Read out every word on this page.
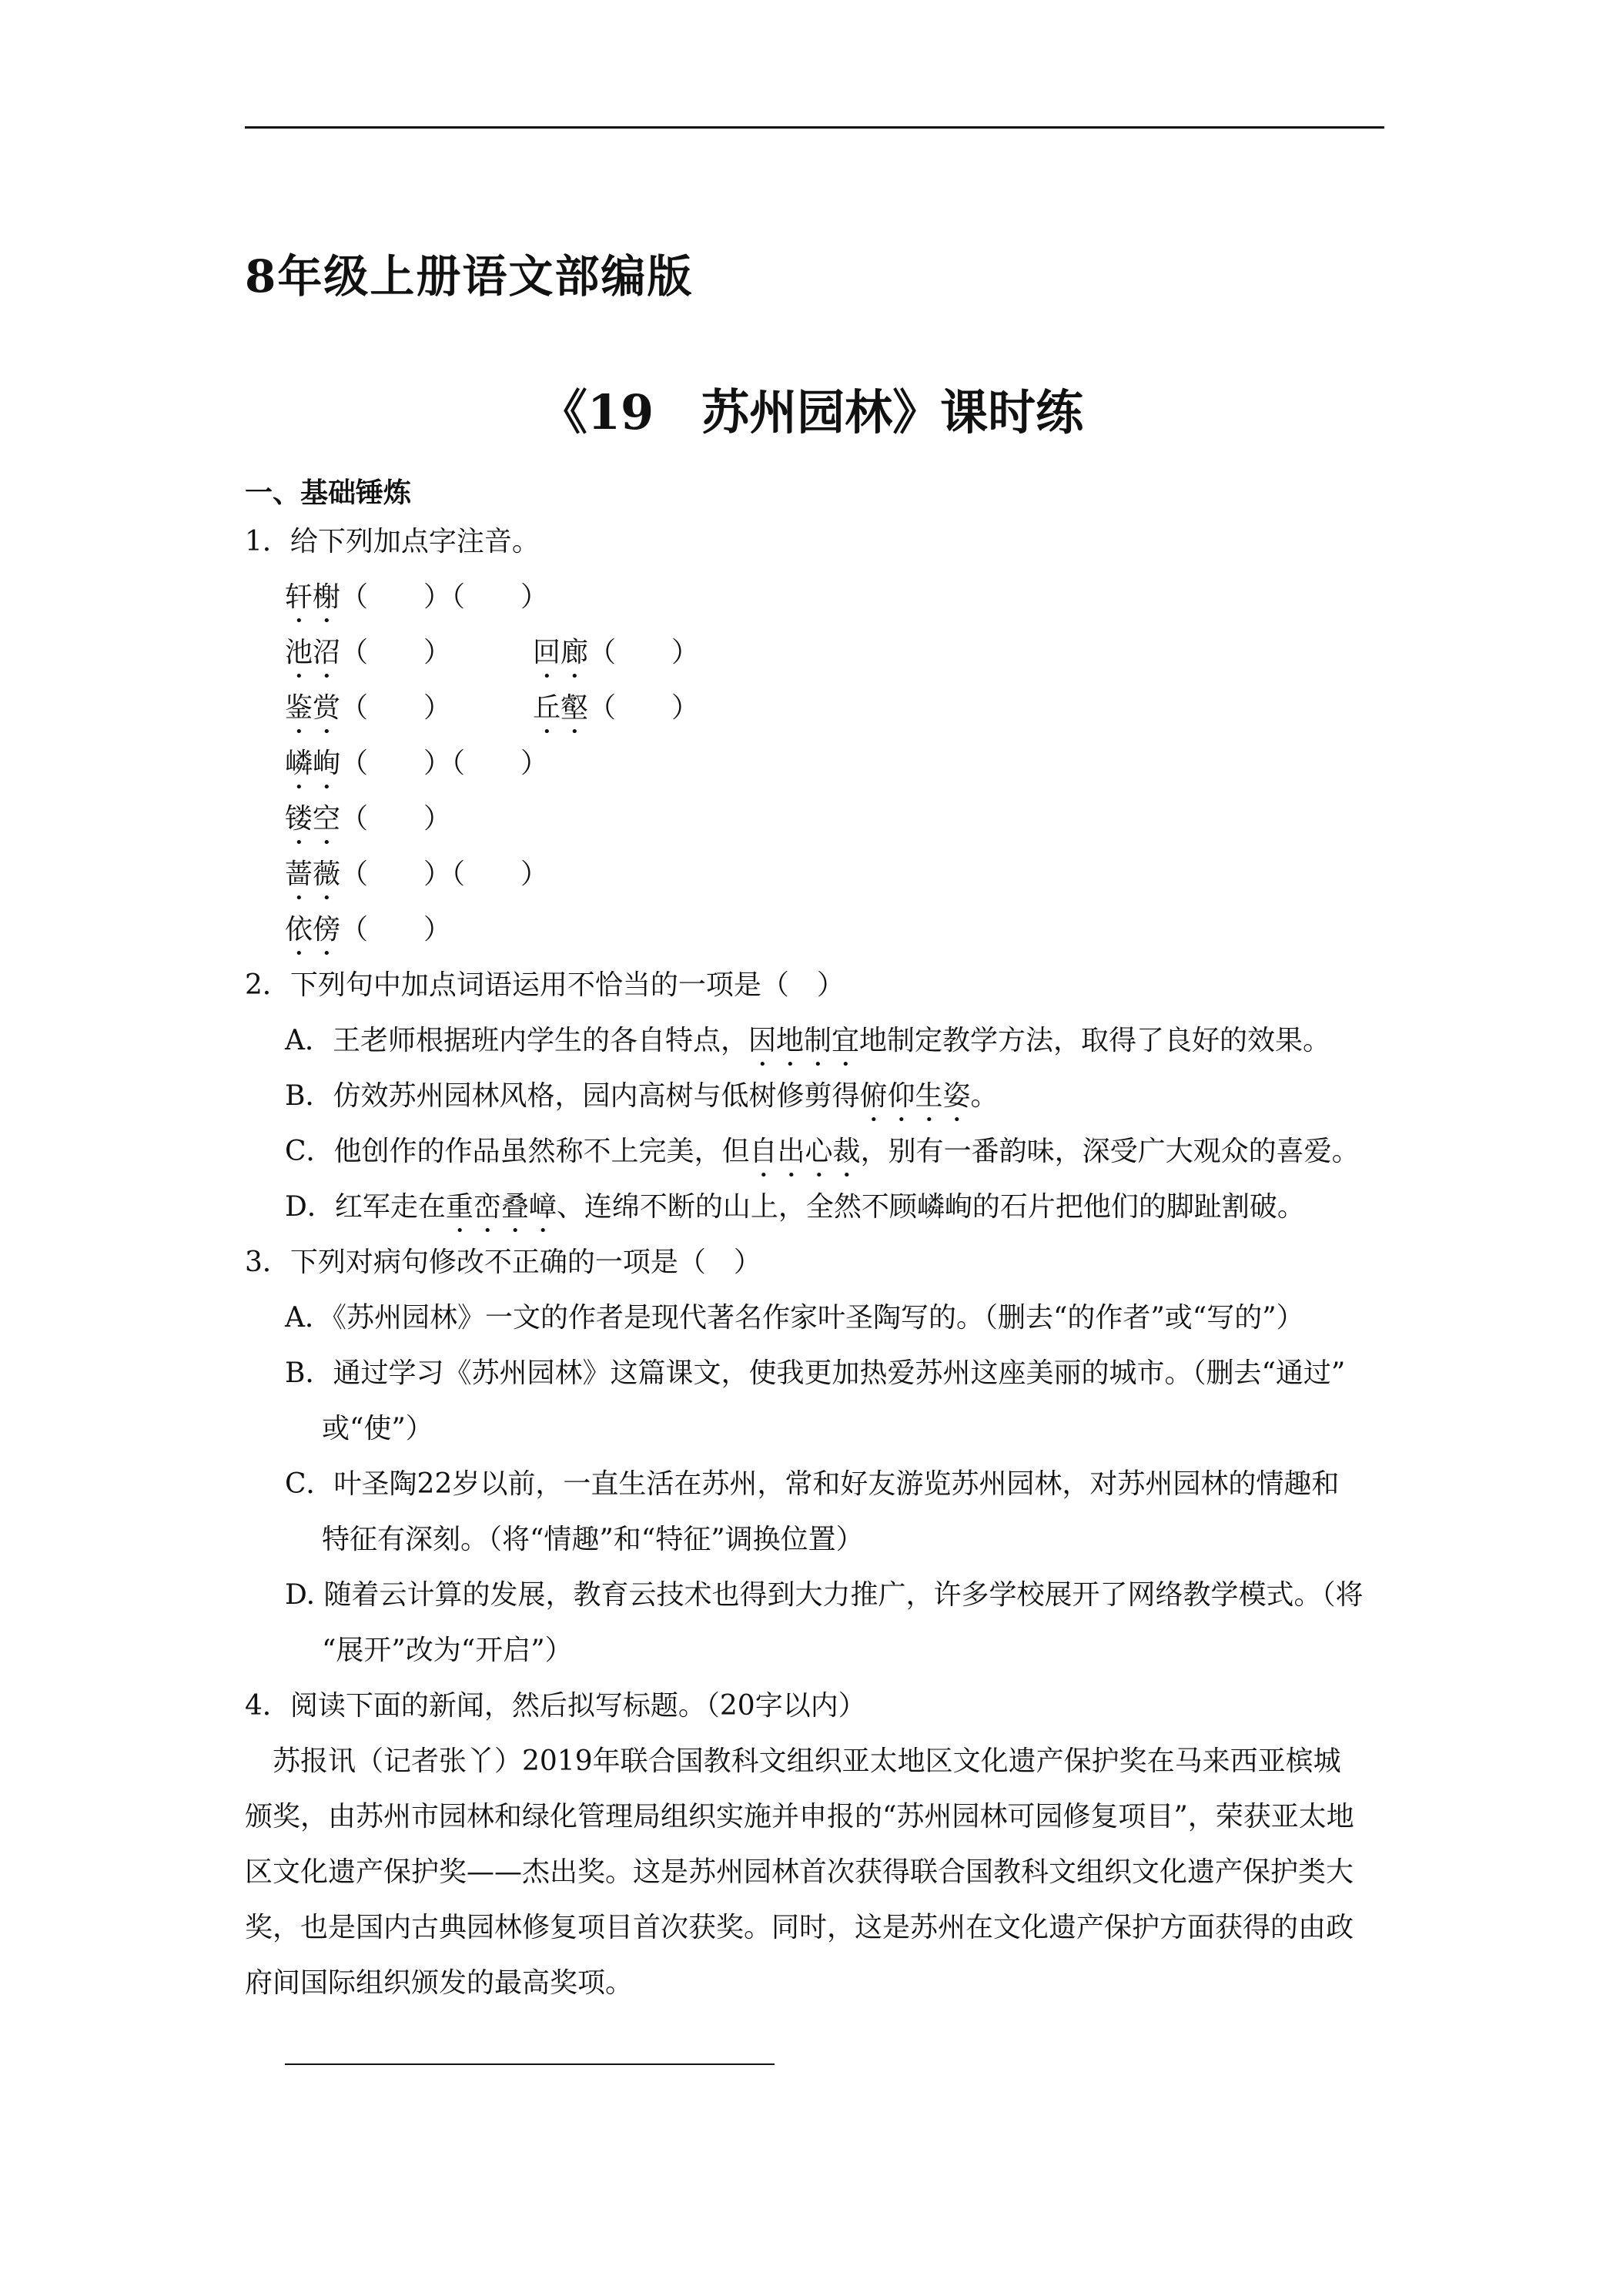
8年级上册语文部编版
《19　苏州园林》课时练
一、基础锤炼
1．给下列加点字注音。
轩榭（　　）（　　）
池沼（　　）	回廊（　　）
鉴赏（　　）	丘壑（　　）
嶙峋（　　）（　　）
镂空（　　）
蔷薇（　　）（　　）
依傍（　　）
2．下列句中加点词语运用不恰当的一项是（　）
A．王老师根据班内学生的各自特点，因地制宜地制定教学方法，取得了良好的效果。
B．仿效苏州园林风格，园内高树与低树修剪得俯仰生姿。
C．他创作的作品虽然称不上完美，但自出心裁，别有一番韵味，深受广大观众的喜爱。
D．红军走在重峦叠嶂、连绵不断的山上，全然不顾嶙峋的石片把他们的脚趾割破。
3．下列对病句修改不正确的一项是（　）
A．《苏州园林》一文的作者是现代著名作家叶圣陶写的。（删去“的作者”或“写的”）
B．通过学习《苏州园林》这篇课文，使我更加热爱苏州这座美丽的城市。（删去“通过”
或“使”）
C．叶圣陶22岁以前，一直生活在苏州，常和好友游览苏州园林，对苏州园林的情趣和
特征有深刻。（将“情趣”和“特征”调换位置）
D. 随着云计算的发展，教育云技术也得到大力推广，许多学校展开了网络教学模式。（将
“展开”改为“开启”）
4．阅读下面的新闻，然后拟写标题。（20字以内）
　苏报讯（记者张丫）2019年联合国教科文组织亚太地区文化遗产保护奖在马来西亚槟城
颁奖，由苏州市园林和绿化管理局组织实施并申报的“苏州园林可园修复项目”，荣获亚太地
区文化遗产保护奖——杰出奖。这是苏州园林首次获得联合国教科文组织文化遗产保护类大
奖，也是国内古典园林修复项目首次获奖。同时，这是苏州在文化遗产保护方面获得的由政
府间国际组织颁发的最高奖项。
